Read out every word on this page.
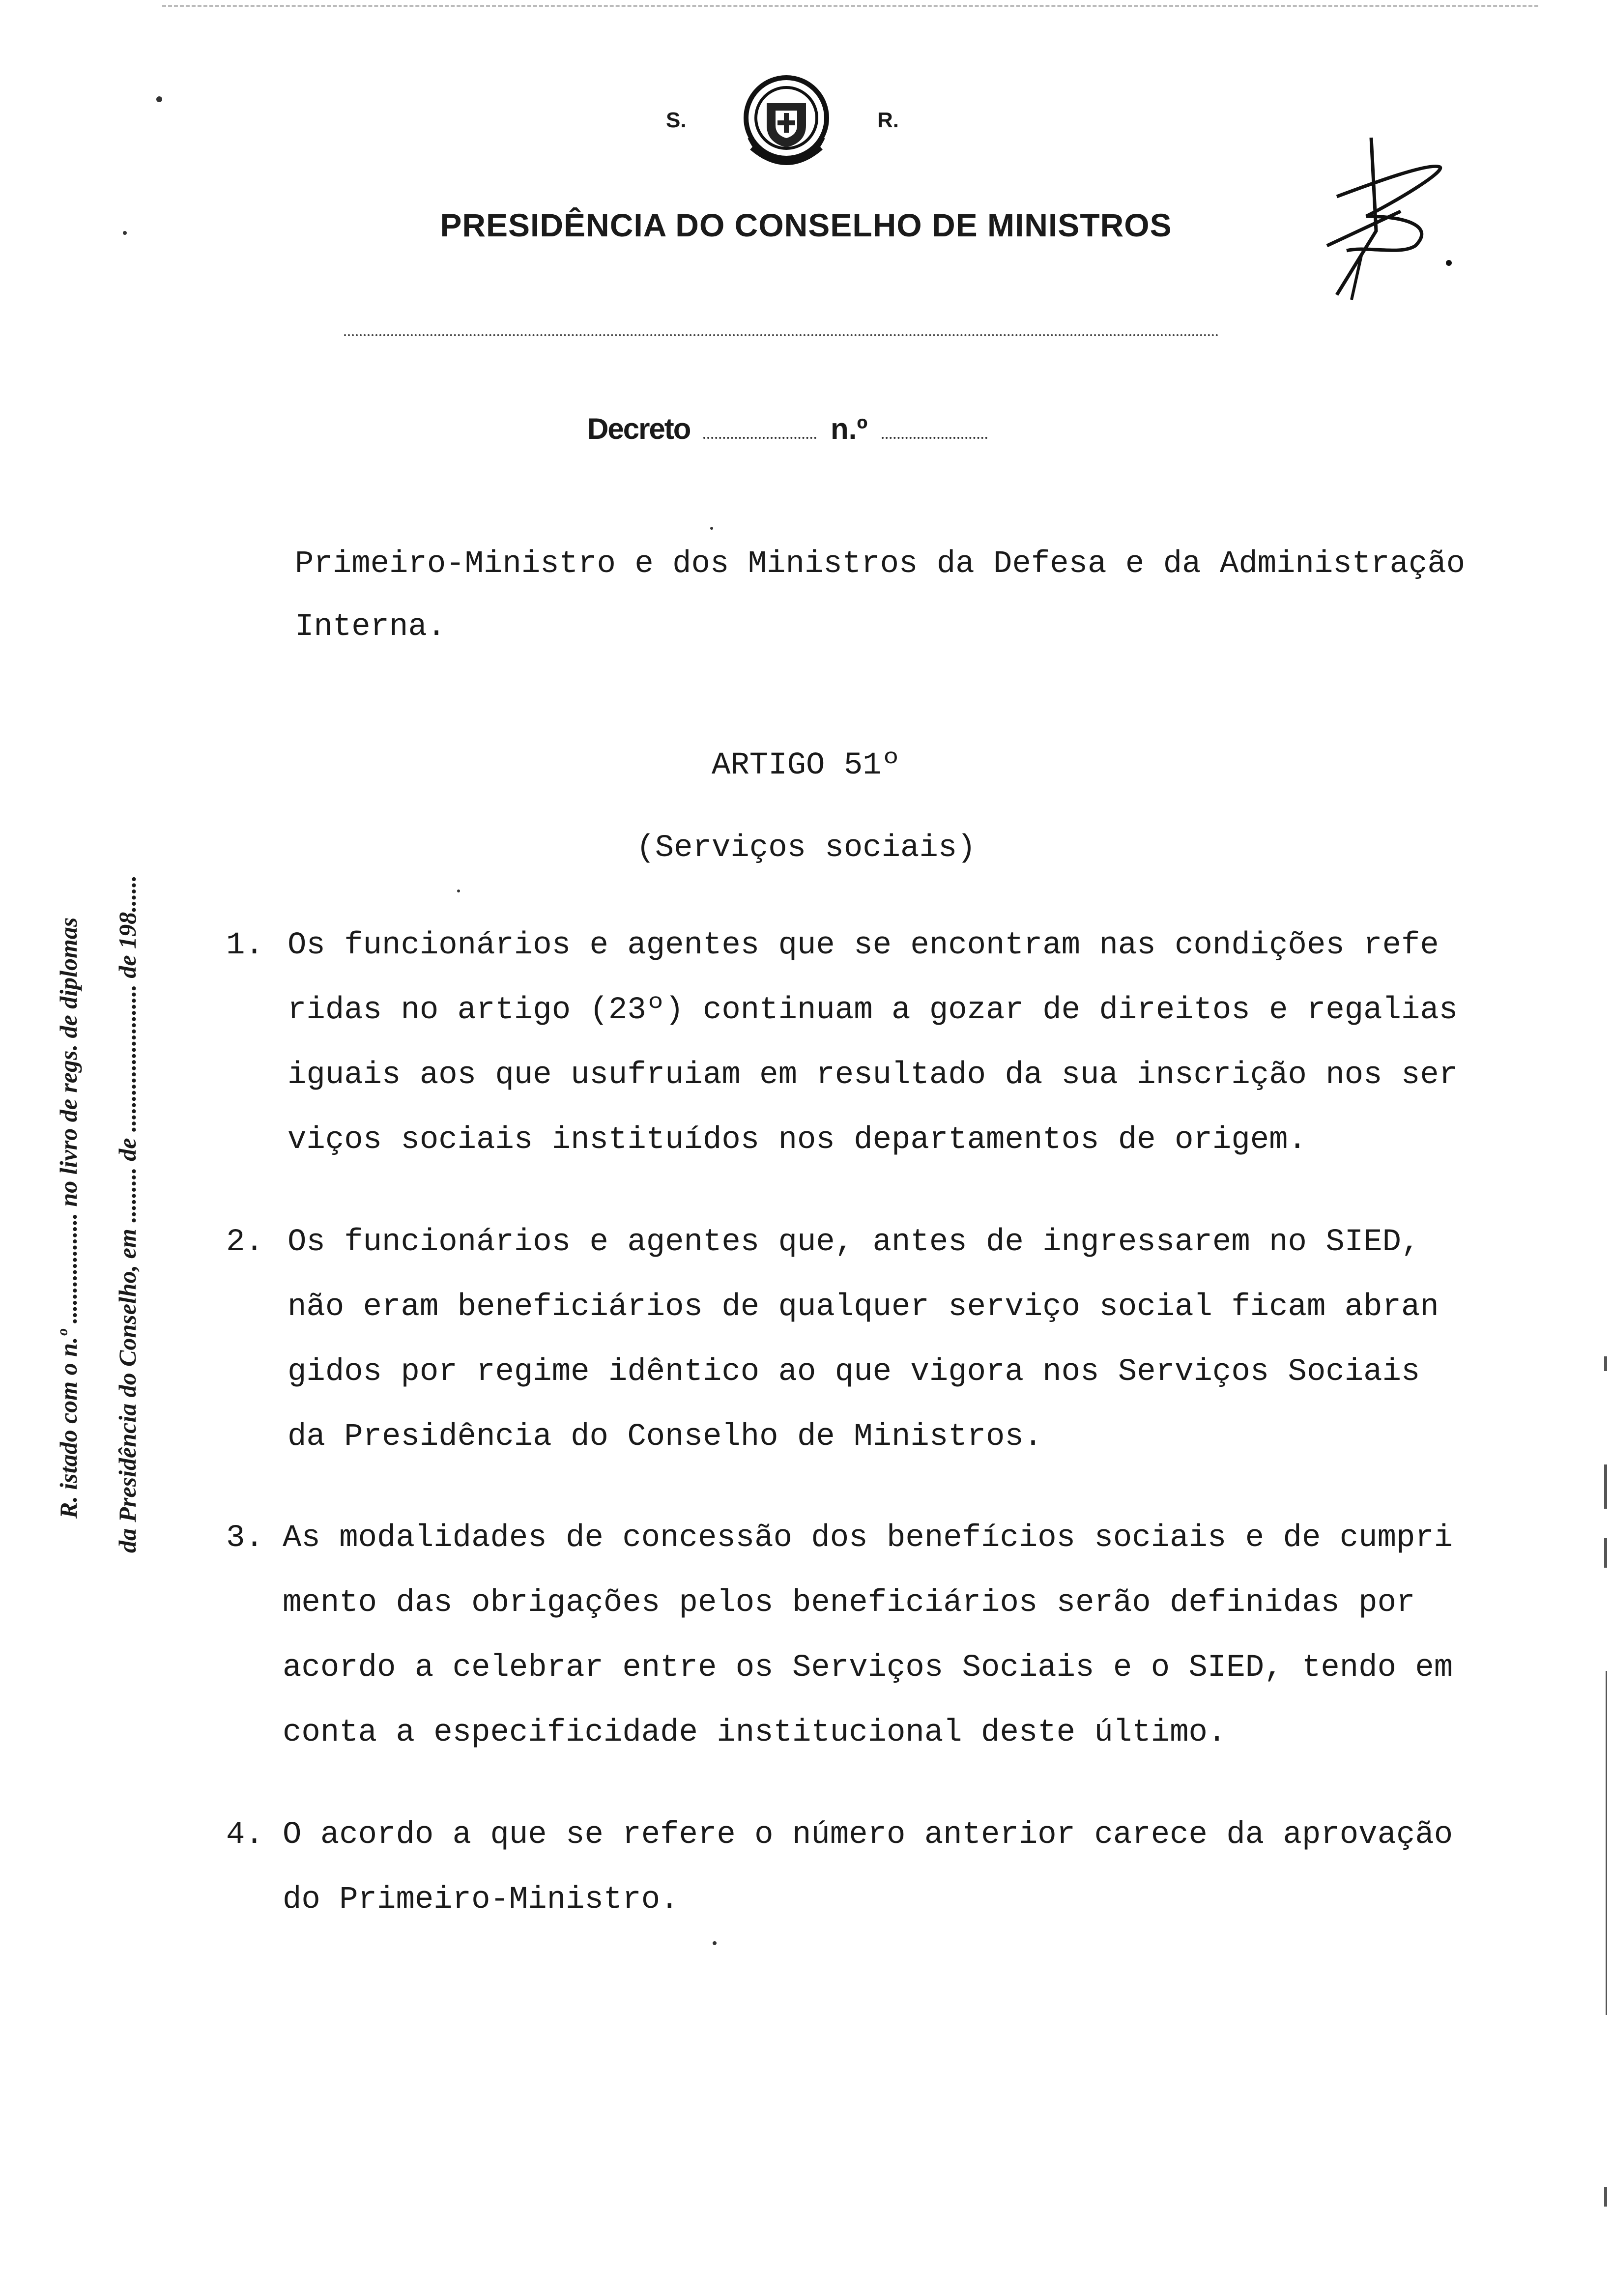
S.	R.
PRESIDÊNCIA DO CONSELHO DE MINISTROS
Decreto	n.º
Primeiro-Ministro e dos Ministros da Defesa e da Administração
Interna.
ARTIGO 51º
(Serviços sociais)
1. Os funcionários e agentes que se encontram nas condições refe
ridas no artigo (23º) continuam a gozar de direitos e regalias
iguais aos que usufruiam em resultado da sua inscrição nos ser
viços sociais instituídos nos departamentos de origem.
2. Os funcionários e agentes que, antes de ingressarem no SIED,
não eram beneficiários de qualquer serviço social ficam abran
gidos por regime idêntico ao que vigora nos Serviços Sociais
da Presidência do Conselho de Ministros.
3. As modalidades de concessão dos benefícios sociais e de cumpri
mento das obrigações pelos beneficiários serão definidas por
acordo a celebrar entre os Serviços Sociais e o SIED, tendo em
conta a especificidade institucional deste último.
4. O acordo a que se refere o número anterior carece da aprovação
do Primeiro-Ministro.
R. istado com o n.º .................. no livro de regs. de diplomas da Presidência do Conselho, em ......... de ........................ de 198......
